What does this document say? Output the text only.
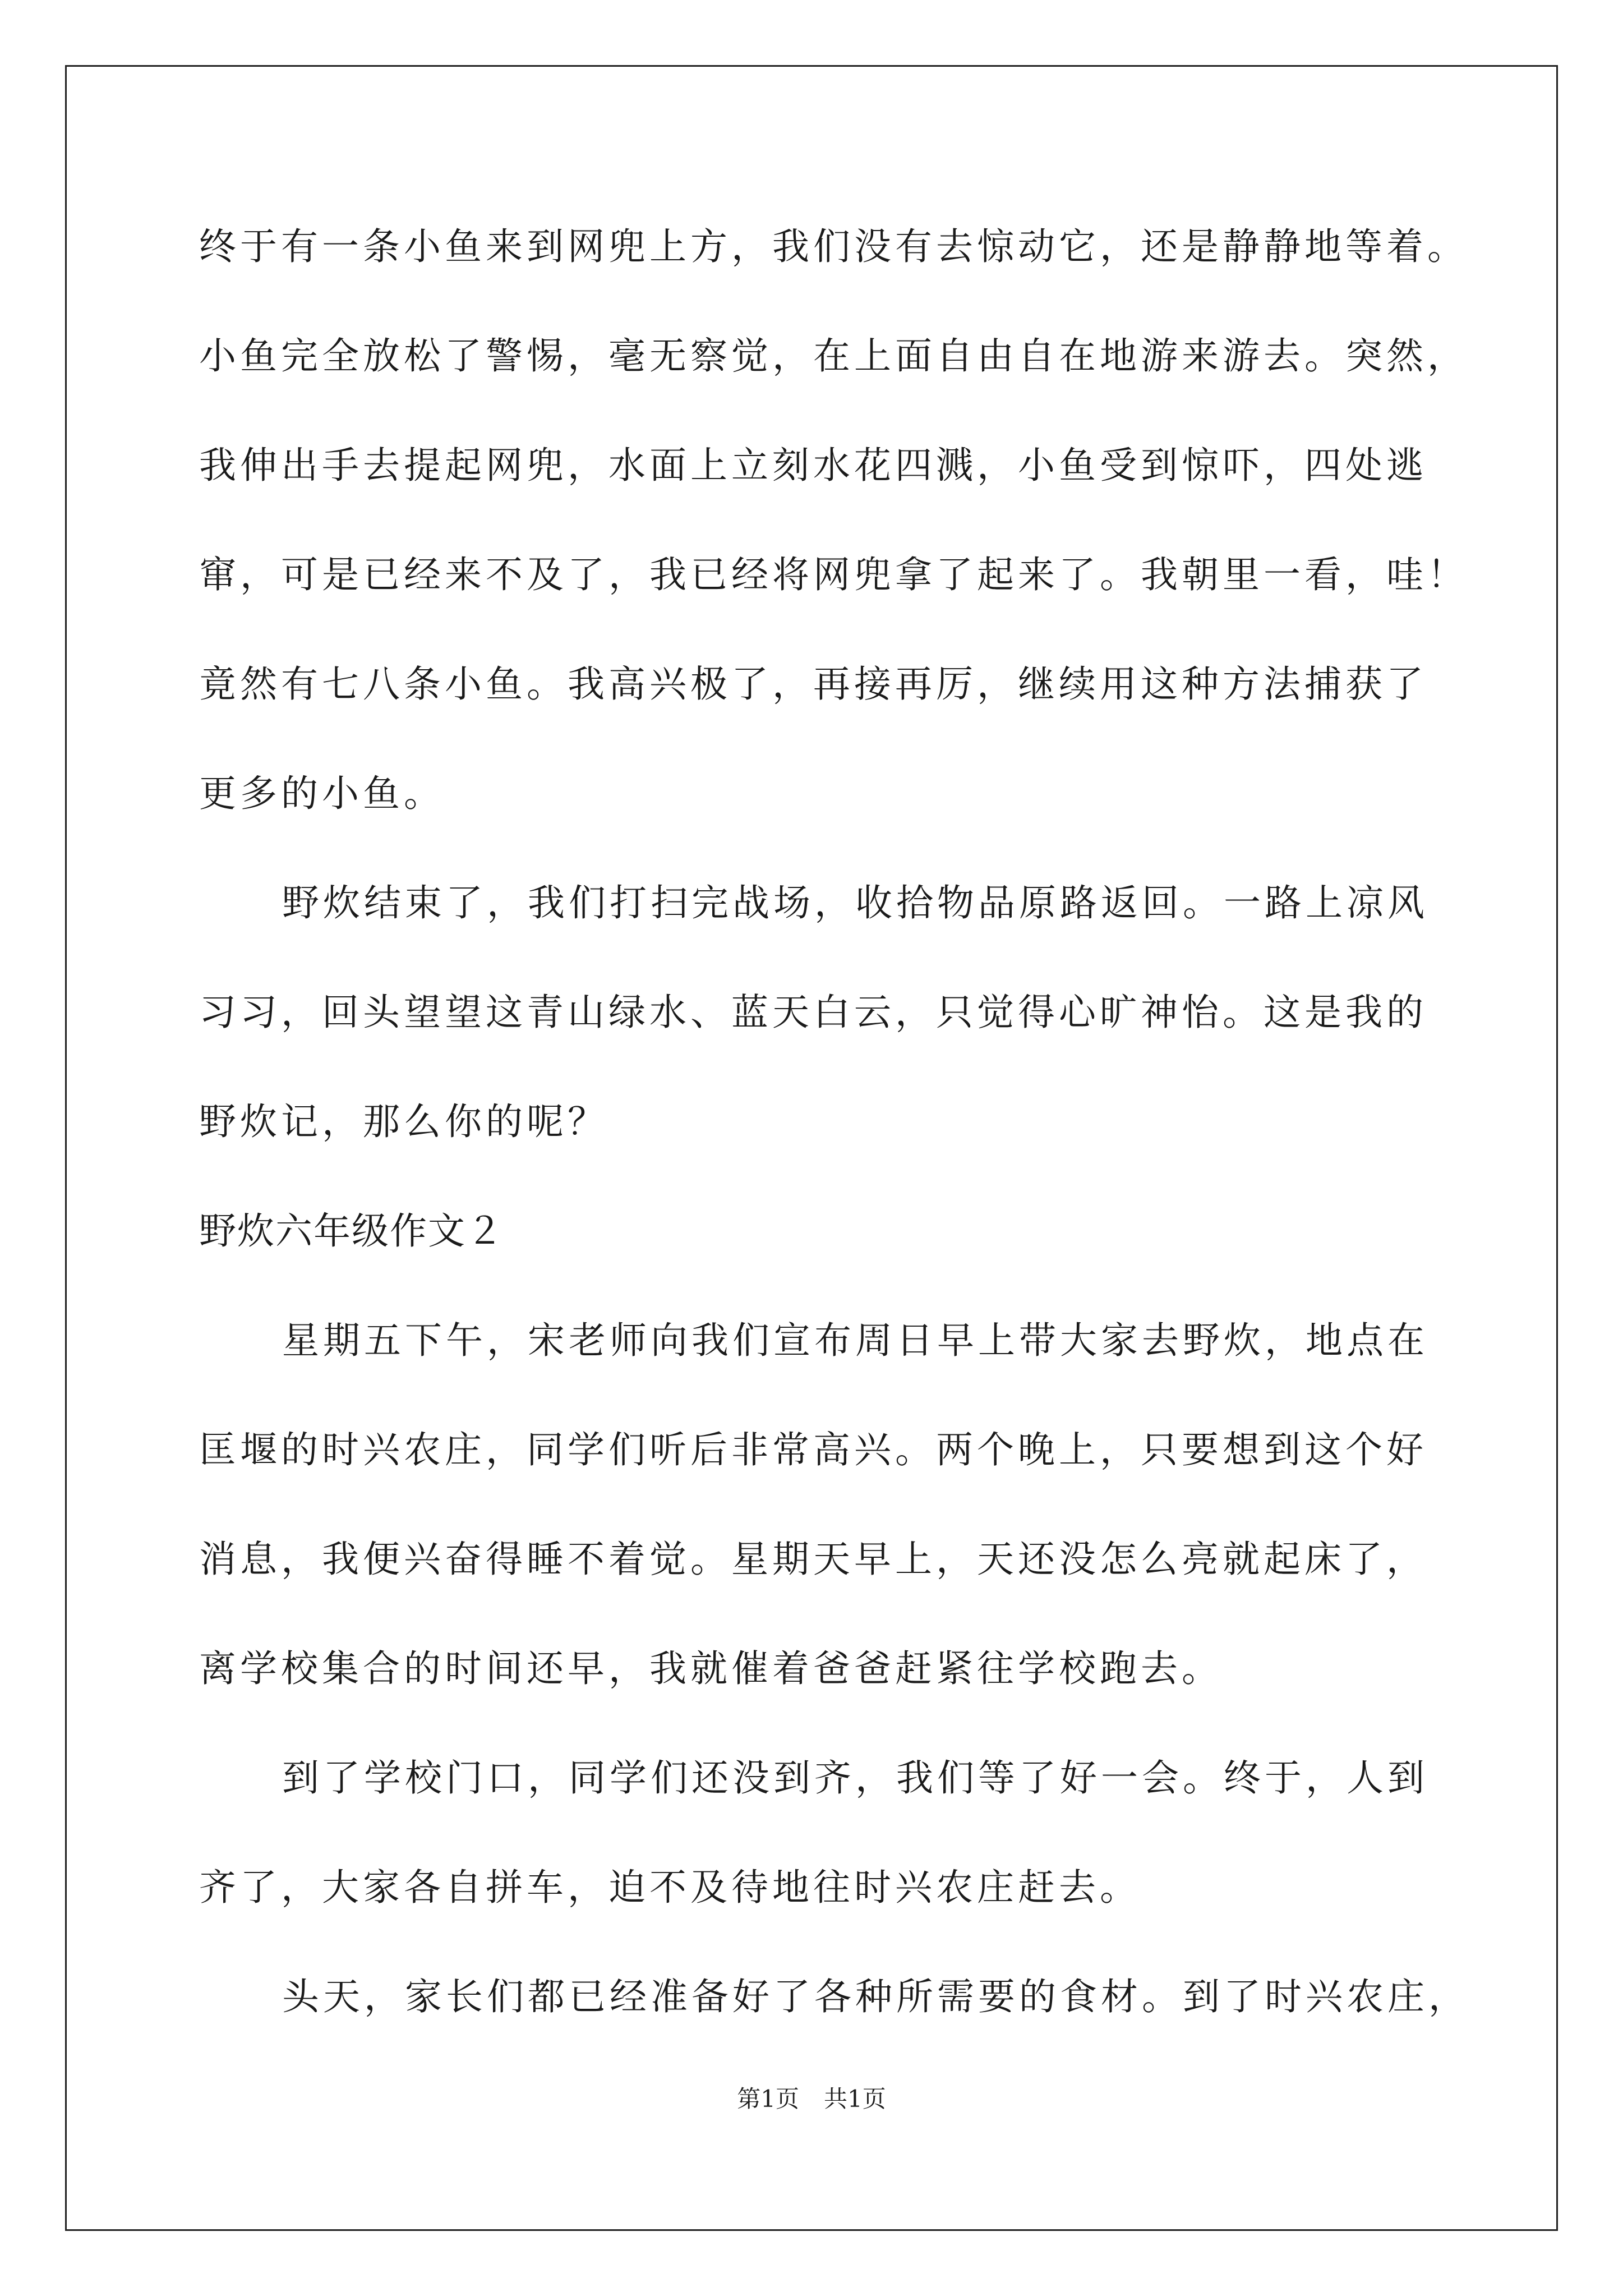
终于有一条小鱼来到网兜上方，我们没有去惊动它，还是静静地等着。
小鱼完全放松了警惕，毫无察觉，在上面自由自在地游来游去。突然，
我伸出手去提起网兜，水面上立刻水花四溅，小鱼受到惊吓，四处逃
窜，可是已经来不及了，我已经将网兜拿了起来了。我朝里一看，哇！
竟然有七八条小鱼。我高兴极了，再接再厉，继续用这种方法捕获了
更多的小鱼。
野炊结束了，我们打扫完战场，收拾物品原路返回。一路上凉风
习习，回头望望这青山绿水、蓝天白云，只觉得心旷神怡。这是我的
野炊记，那么你的呢？
野炊六年级作文２
星期五下午，宋老师向我们宣布周日早上带大家去野炊，地点在
匡堰的时兴农庄，同学们听后非常高兴。两个晚上，只要想到这个好
消息，我便兴奋得睡不着觉。星期天早上，天还没怎么亮就起床了，
离学校集合的时间还早，我就催着爸爸赶紧往学校跑去。
到了学校门口，同学们还没到齐，我们等了好一会。终于，人到
齐了，大家各自拼车，迫不及待地往时兴农庄赶去。
头天，家长们都已经准备好了各种所需要的食材。到了时兴农庄，
第1页 共1页
